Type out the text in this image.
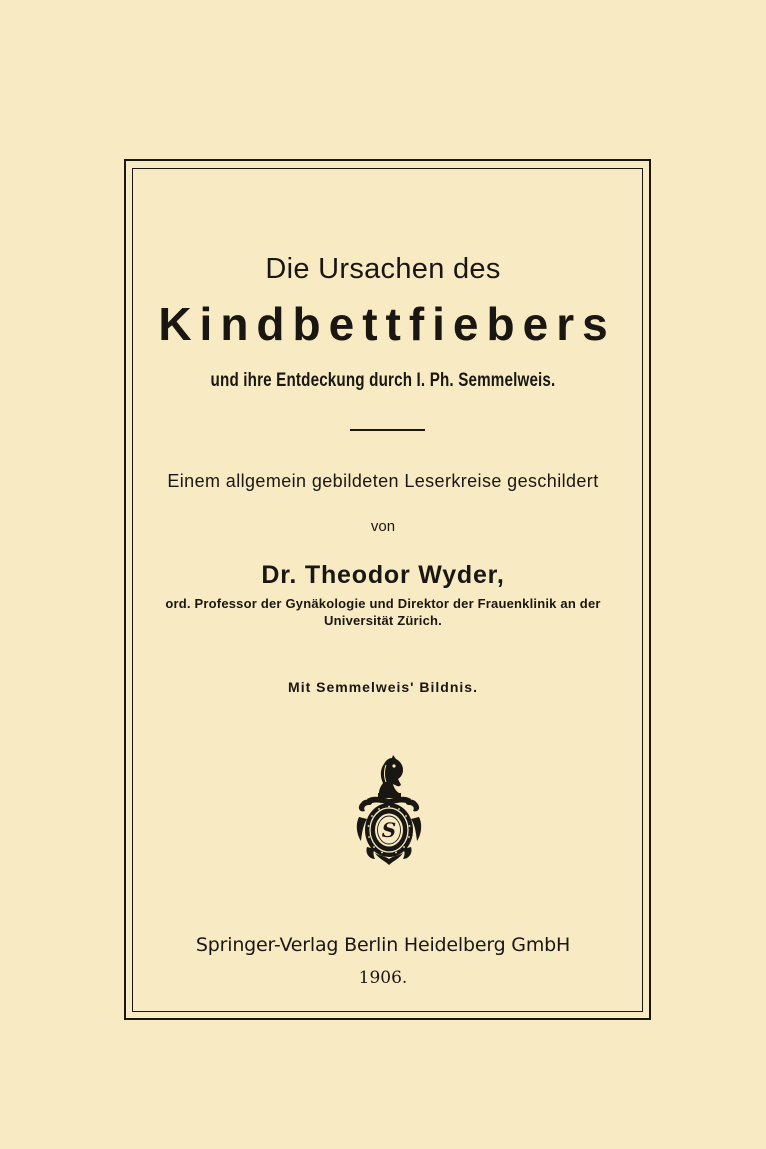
Die Ursachen des
Kindbettfiebers
und ihre Entdeckung durch I. Ph. Semmelweis.
Einem allgemein gebildeten Leserkreise geschildert
von
Dr. Theodor Wyder,
ord. Professor der Gynäkologie und Direktor der Frauenklinik an der
Universität Zürich.
Mit Semmelweis' Bildnis.
S
Springer-Verlag Berlin Heidelberg GmbH
1906.
